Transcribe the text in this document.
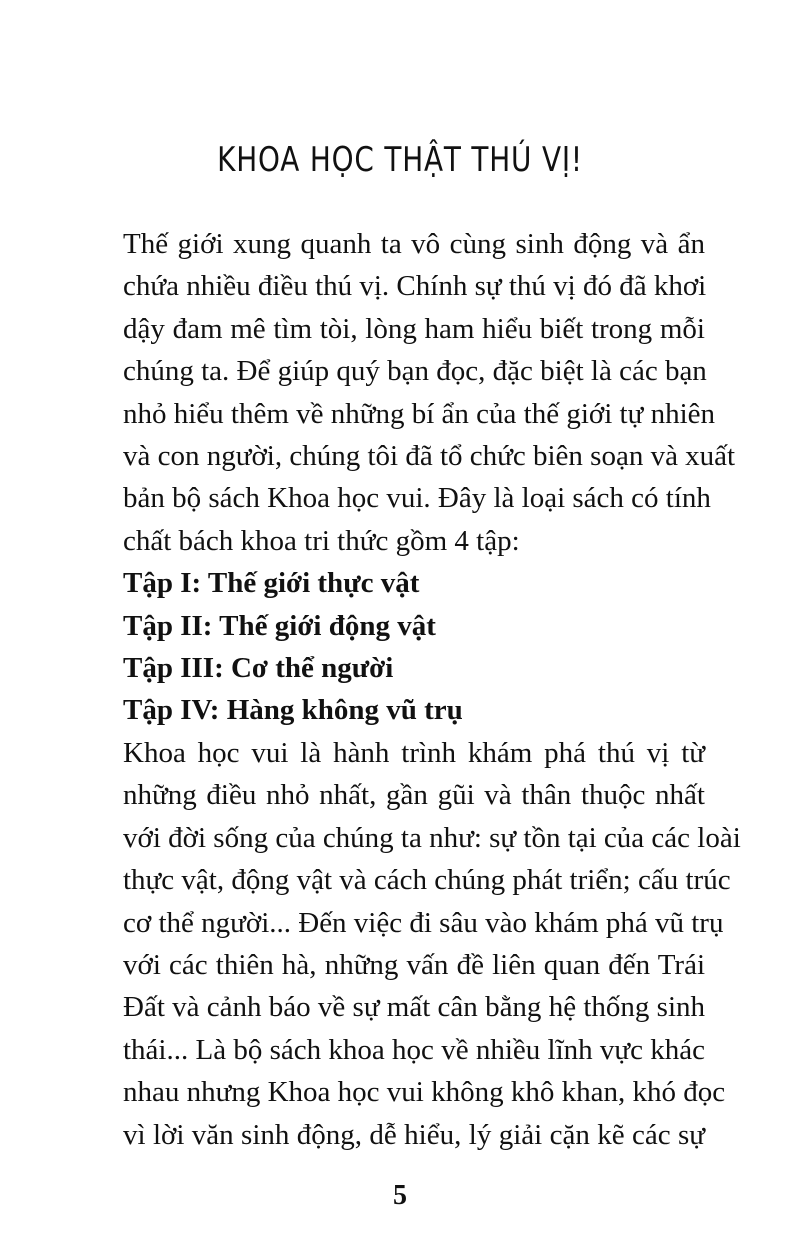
KHOA HỌC THẬT THÚ VỊ!
Thế giới xung quanh ta vô cùng sinh động và ẩn
chứa nhiều điều thú vị. Chính sự thú vị đó đã khơi
dậy đam mê tìm tòi, lòng ham hiểu biết trong mỗi
chúng ta. Để giúp quý bạn đọc, đặc biệt là các bạn
nhỏ hiểu thêm về những bí ẩn của thế giới tự nhiên
và con người, chúng tôi đã tổ chức biên soạn và xuất
bản bộ sách Khoa học vui. Đây là loại sách có tính
chất bách khoa tri thức gồm 4 tập:
Tập I: Thế giới thực vật
Tập II: Thế giới động vật
Tập III: Cơ thể người
Tập IV: Hàng không vũ trụ
Khoa học vui là hành trình khám phá thú vị từ
những điều nhỏ nhất, gần gũi và thân thuộc nhất
với đời sống của chúng ta như: sự tồn tại của các loài
thực vật, động vật và cách chúng phát triển; cấu trúc
cơ thể người... Đến việc đi sâu vào khám phá vũ trụ
với các thiên hà, những vấn đề liên quan đến Trái
Đất và cảnh báo về sự mất cân bằng hệ thống sinh
thái... Là bộ sách khoa học về nhiều lĩnh vực khác
nhau nhưng Khoa học vui không khô khan, khó đọc
vì lời văn sinh động, dễ hiểu, lý giải cặn kẽ các sự
5
